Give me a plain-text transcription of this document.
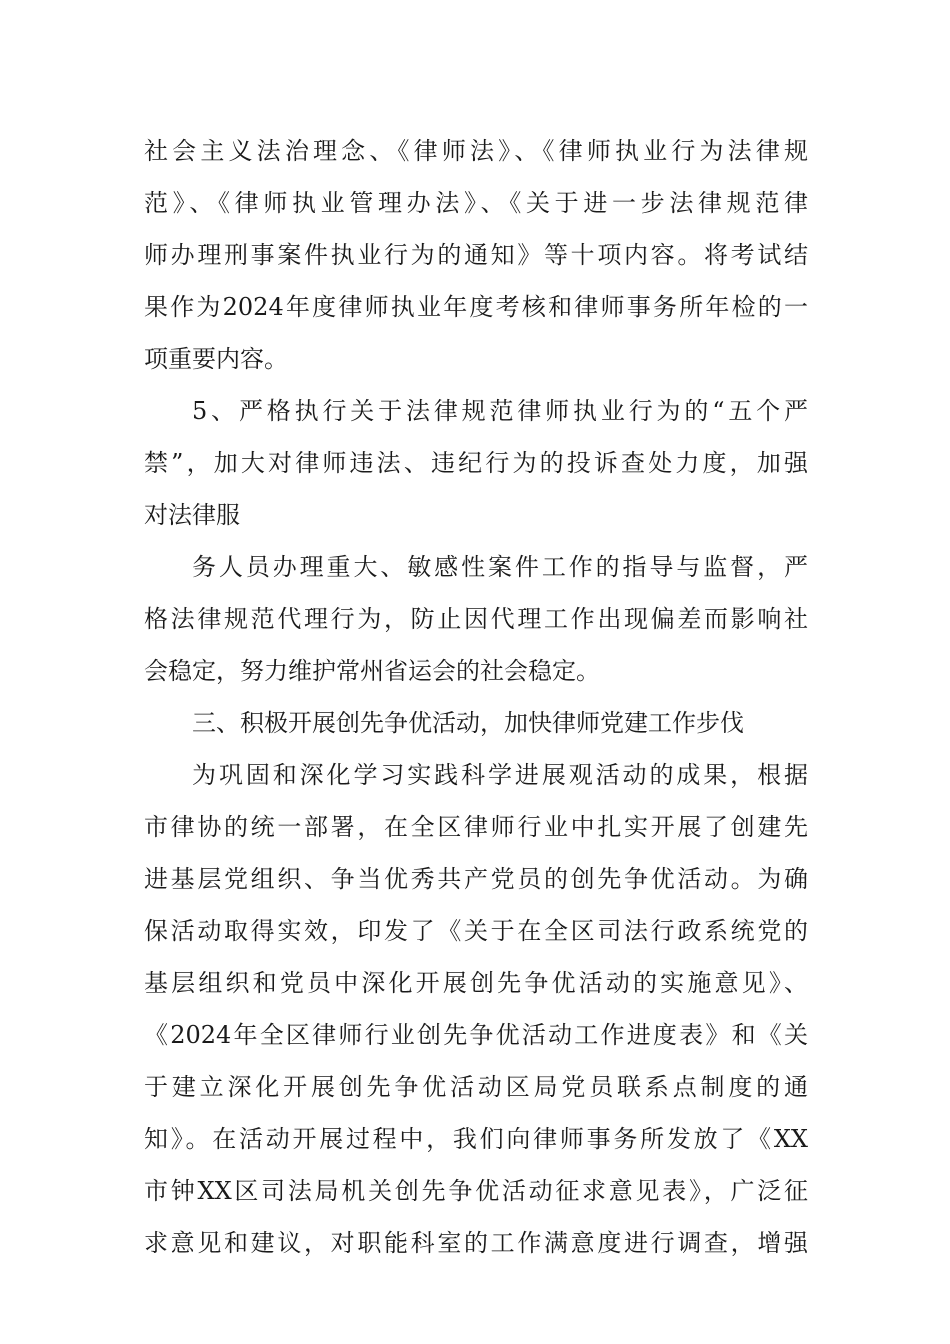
社会主义法治理念、《律师法》、《律师执业行为法律规
范》、《律师执业管理办法》、《关于进一步法律规范律
师办理刑事案件执业行为的通知》等十项内容。将考试结
果作为2024年度律师执业年度考核和律师事务所年检的一
项重要内容。
5、严格执行关于法律规范律师执业行为的“五个严
禁”，加大对律师违法、违纪行为的投诉查处力度，加强
对法律服
务人员办理重大、敏感性案件工作的指导与监督，严
格法律规范代理行为，防止因代理工作出现偏差而影响社
会稳定，努力维护常州省运会的社会稳定。
三、积极开展创先争优活动，加快律师党建工作步伐
为巩固和深化学习实践科学进展观活动的成果，根据
市律协的统一部署，在全区律师行业中扎实开展了创建先
进基层党组织、争当优秀共产党员的创先争优活动。为确
保活动取得实效，印发了《关于在全区司法行政系统党的
基层组织和党员中深化开展创先争优活动的实施意见》、
《2024年全区律师行业创先争优活动工作进度表》和《关
于建立深化开展创先争优活动区局党员联系点制度的通
知》。在活动开展过程中，我们向律师事务所发放了《XX
市钟XX区司法局机关创先争优活动征求意见表》，广泛征
求意见和建议，对职能科室的工作满意度进行调查，增强
